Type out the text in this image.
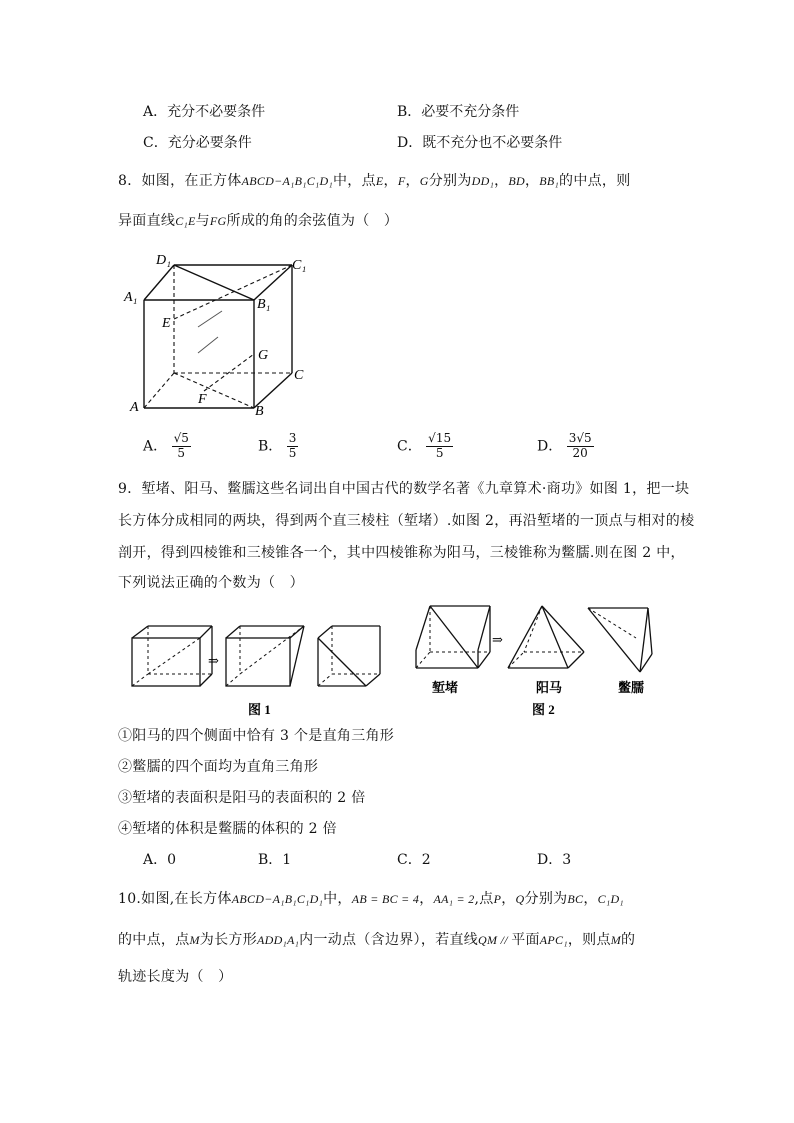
A．充分不必要条件	B．必要不充分条件
C．充分必要条件	D．既不充分也不必要条件
8．如图，在正方体ABCD−A₁B₁C₁D₁中，点E，F，G分别为DD₁，BD，BB₁的中点，则
异面直线C₁E与FG所成的角的余弦值为（　）
D₁	C₁
A₁	B₁
E
G
C
A
F
B
A． $\frac{√5}{5}$	B． $\frac{3}{5}$	C． $\frac{√15}{5}$	D． $\frac{3√5}{20}$
9．堑堵、阳马、鳖臑这些名词出自中国古代的数学名著《九章算术·商功》如图 1，把一块
长方体分成相同的两块，得到两个直三棱柱（堑堵）.如图 2，再沿堑堵的一顶点与相对的棱
剖开，得到四棱锥和三棱锥各一个，其中四棱锥称为阳马，三棱锥称为鳖臑.则在图 2 中，
下列说法正确的个数为（　）
⇒
图 1
⇒
堑堵	阳马	鳖臑
图 2
①阳马的四个侧面中恰有 3 个是直角三角形
②鳖臑的四个面均为直角三角形
③堑堵的表面积是阳马的表面积的 2 倍
④堑堵的体积是鳖臑的体积的 2 倍
A．0	B．1	C．2	D．3
10.如图,在长方体ABCD−A₁B₁C₁D₁中，AB = BC = 4，AA₁ = 2,点P，Q分别为BC，C₁D₁
的中点，点M为长方形ADD₁A₁内一动点（含边界），若直线QM // 平面APC₁，则点M的
轨迹长度为（　）
